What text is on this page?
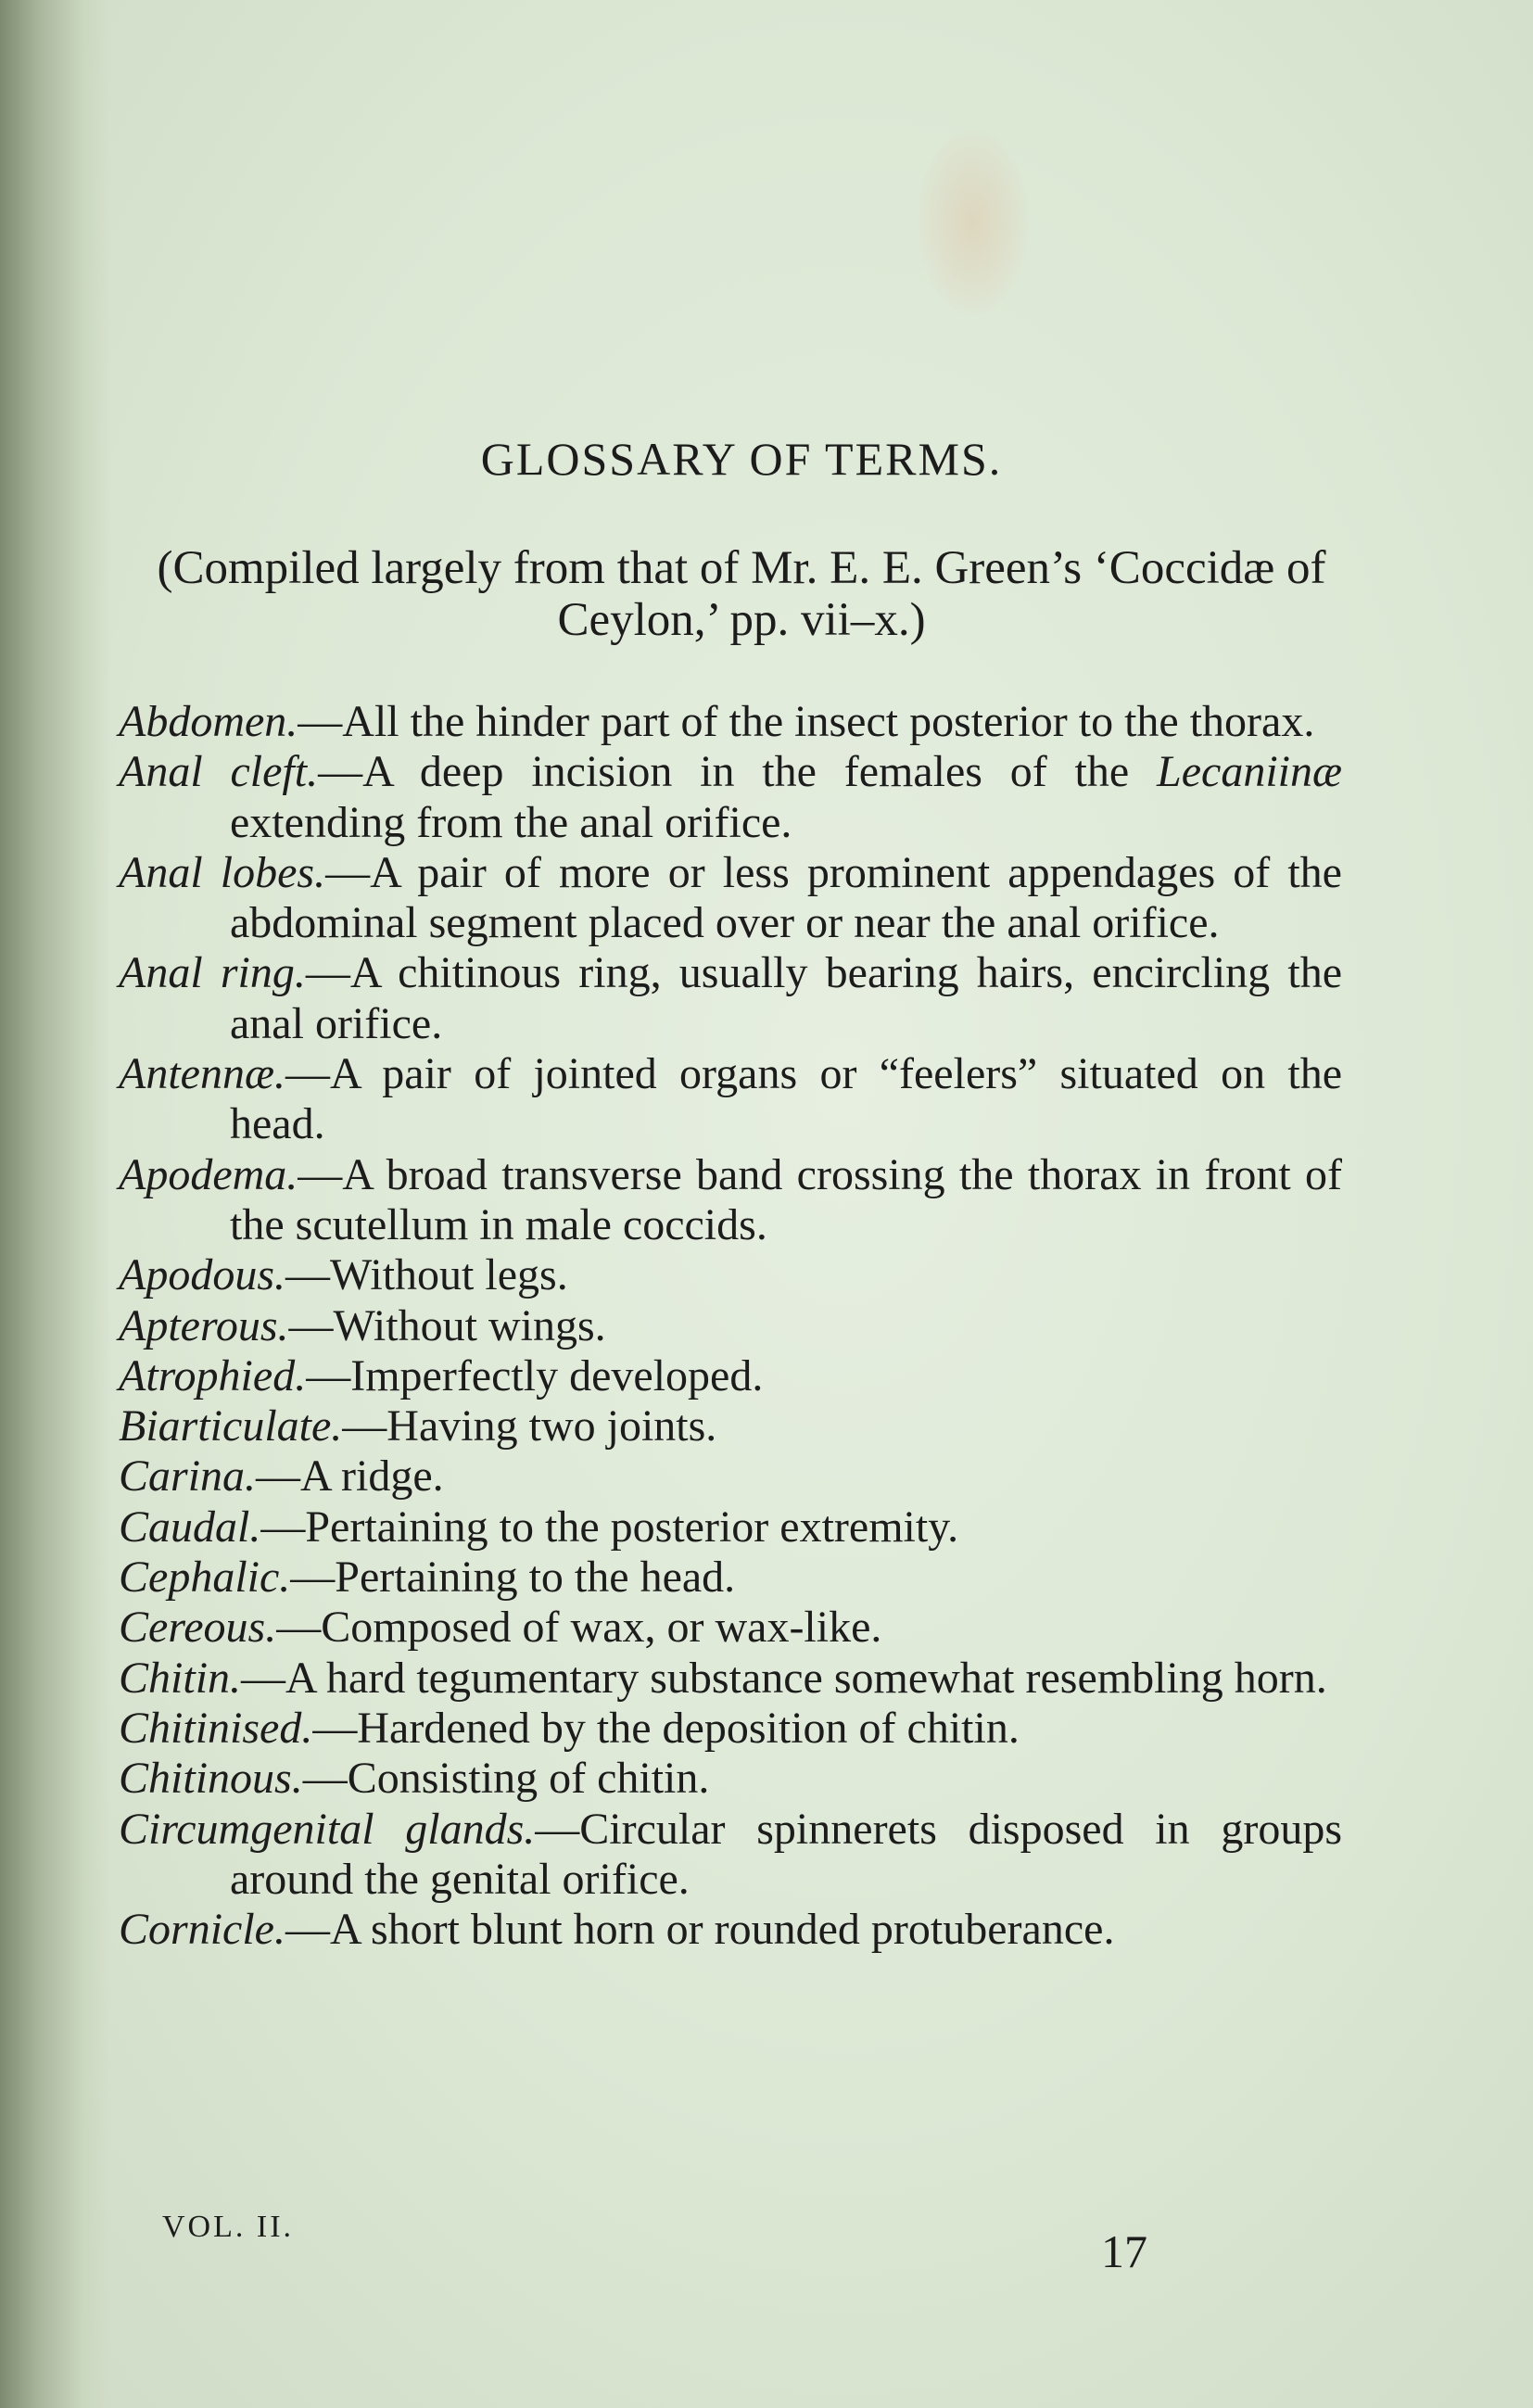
GLOSSARY OF TERMS.

(Compiled largely from that of Mr. E. E. Green’s ‘Coccidæ of Ceylon,’ pp. vii–x.)

Abdomen.—All the hinder part of the insect posterior to the thorax.

Anal cleft.—A deep incision in the females of the Lecaniinæ extending from the anal orifice.

Anal lobes.—A pair of more or less prominent appendages of the abdominal segment placed over or near the anal orifice.

Anal ring.—A chitinous ring, usually bearing hairs, encircling the anal orifice.

Antennæ.—A pair of jointed organs or “feelers” situated on the head.

Apodema.—A broad transverse band crossing the thorax in front of the scutellum in male coccids.

Apodous.—Without legs.

Apterous.—Without wings.

Atrophied.—Imperfectly developed.

Biarticulate.—Having two joints.

Carina.—A ridge.

Caudal.—Pertaining to the posterior extremity.

Cephalic.—Pertaining to the head.

Cereous.—Composed of wax, or wax-like.

Chitin.—A hard tegumentary substance somewhat resembling horn.

Chitinised.—Hardened by the deposition of chitin.

Chitinous.—Consisting of chitin.

Circumgenital glands.—Circular spinnerets disposed in groups around the genital orifice.

Cornicle.—A short blunt horn or rounded protuberance.

VOL. II.	17
